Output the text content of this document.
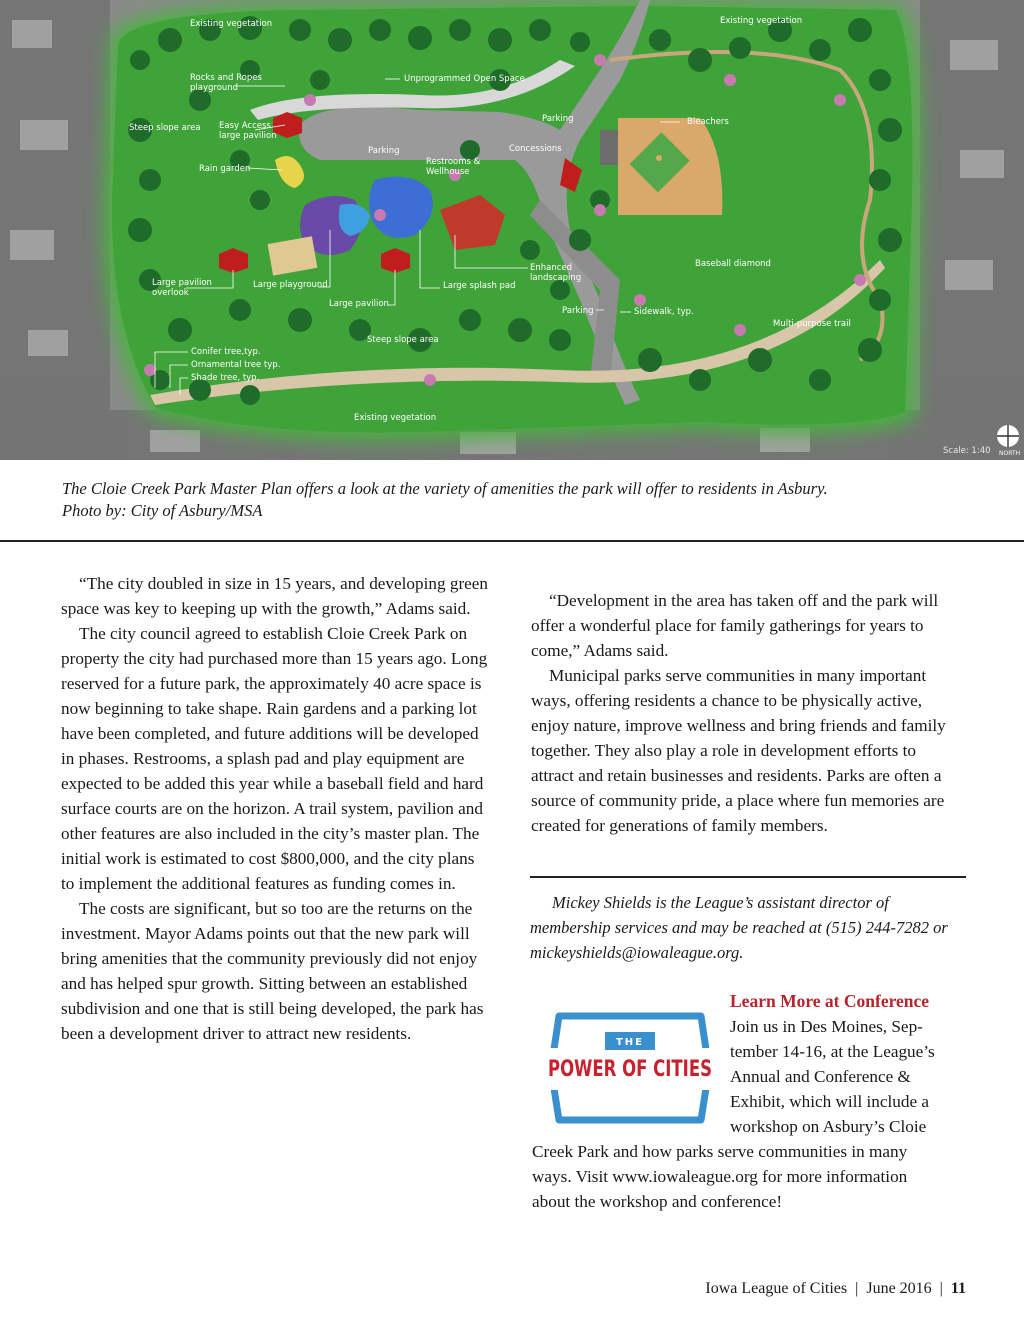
Existing vegetation	Existing vegetation
Rocks and Ropes playground
Unprogrammed Open Space
Steep slope area Easy Access large pavilion
Parking
Parking	Bleachers
Concessions
Restrooms & Wellhouse
Rain garden
Baseball diamond
Enhanced landscaping
Large pavilion overlook
Large playground	Large splash pad
Large pavilion
Parking	Sidewalk, typ.
Multi-purpose trail
Steep slope area
Conifer tree,typ.
Ornamental tree typ.
Shade tree, typ.
Existing vegetation
Scale: 1:40 NORTH
The Cloie Creek Park Master Plan offers a look at the variety of amenities the park will offer to residents in Asbury.
Photo by: City of Asbury/MSA

“The city doubled in size in 15 years, and developing green space was key to keeping up with the growth,” Adams said.

The city council agreed to establish Cloie Creek Park on property the city had purchased more than 15 years ago. Long reserved for a future park, the approximately 40 acre space is now beginning to take shape. Rain gardens and a parking lot have been completed, and future additions will be developed in phases. Restrooms, a splash pad and play equipment are expected to be added this year while a baseball field and hard surface courts are on the horizon. A trail system, pavilion and other features are also included in the city’s master plan. The initial work is estimated to cost $800,000, and the city plans to implement the additional features as funding comes in.

The costs are significant, but so too are the returns on the investment. Mayor Adams points out that the new park will bring amenities that the community previously did not enjoy and has helped spur growth. Sitting between an established subdivision and one that is still being developed, the park has been a development driver to attract new residents.

“Development in the area has taken off and the park will offer a wonderful place for family gatherings for years to come,” Adams said.

Municipal parks serve communities in many important ways, offering residents a chance to be physically active, enjoy nature, improve wellness and bring friends and family together. They also play a role in development efforts to attract and retain businesses and residents. Parks are often a source of community pride, a place where fun memories are created for generations of family members.

Mickey Shields is the League’s assistant director of membership services and may be reached at (515) 244-7282 or mickeyshields@iowaleague.org.

THE
POWER OF CITIES
Learn More at Conference
Join us in Des Moines, Sep-
tember 14-16, at the League’s
Annual and Conference &
Exhibit, which will include a
workshop on Asbury’s Cloie
Creek Park and how parks serve communities in many
ways. Visit www.iowaleague.org for more information
about the workshop and conference!
Iowa League of Cities  |  June 2016  |  11
